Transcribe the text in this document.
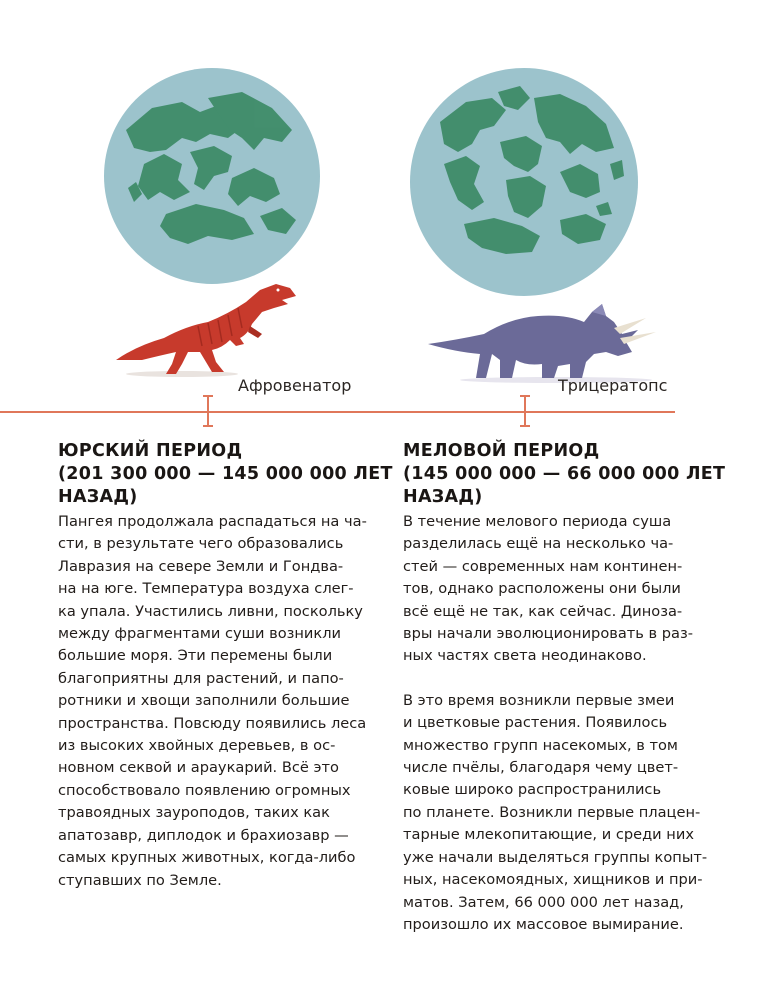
Афровенатор	Трицератопс
ЮРСКИЙ ПЕРИОД
(201 300 000 — 145 000 000 ЛЕТ
НАЗАД)

Пангея продолжала распадаться на ча-
сти, в результате чего образовались
Лавразия на севере Земли и Гондва-
на на юге. Температура воздуха слег-
ка упала. Участились ливни, поскольку
между фрагментами суши возникли
большие моря. Эти перемены были
благоприятны для растений, и папо-
ротники и хвощи заполнили большие
пространства. Повсюду появились леса
из высоких хвойных деревьев, в ос-
новном секвой и араукарий. Всё это
способствовало появлению огромных
травоядных зауроподов, таких как
апатозавр, диплодок и брахиозавр —
самых крупных животных, когда-либо
ступавших по Земле.

МЕЛОВОЙ ПЕРИОД
(145 000 000 — 66 000 000 ЛЕТ
НАЗАД)

В течение мелового периода суша
разделилась ещё на несколько ча-
стей — современных нам континен-
тов, однако расположены они были
всё ещё не так, как сейчас. Диноза-
вры начали эволюционировать в раз-
ных частях света неодинаково.

В это время возникли первые змеи
и цветковые растения. Появилось
множество групп насекомых, в том
числе пчёлы, благодаря чему цвет-
ковые широко распространились
по планете. Возникли первые плацен-
тарные млекопитающие, и среди них
уже начали выделяться группы копыт-
ных, насекомоядных, хищников и при-
матов. Затем, 66 000 000 лет назад,
произошло их массовое вымирание.
